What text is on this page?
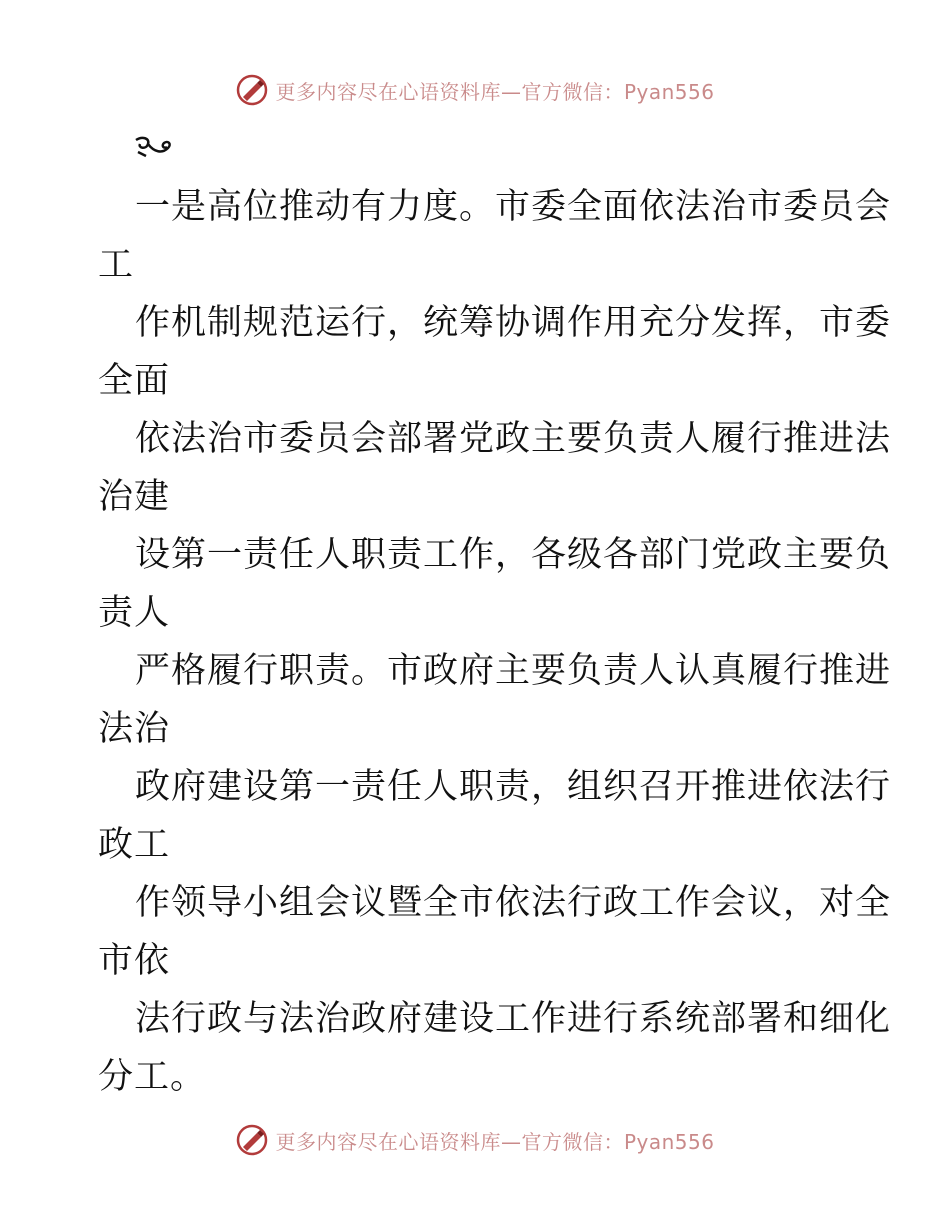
更多内容尽在心语资料库—官方微信：Pyan556
一是高位推动有力度。市委全面依法治市委员会
工
作机制规范运行，统筹协调作用充分发挥，市委
全面
依法治市委员会部署党政主要负责人履行推进法
治建
设第一责任人职责工作，各级各部门党政主要负
责人
严格履行职责。市政府主要负责人认真履行推进
法治
政府建设第一责任人职责，组织召开推进依法行
政工
作领导小组会议暨全市依法行政工作会议，对全
市依
法行政与法治政府建设工作进行系统部署和细化
分工。
更多内容尽在心语资料库—官方微信：Pyan556
